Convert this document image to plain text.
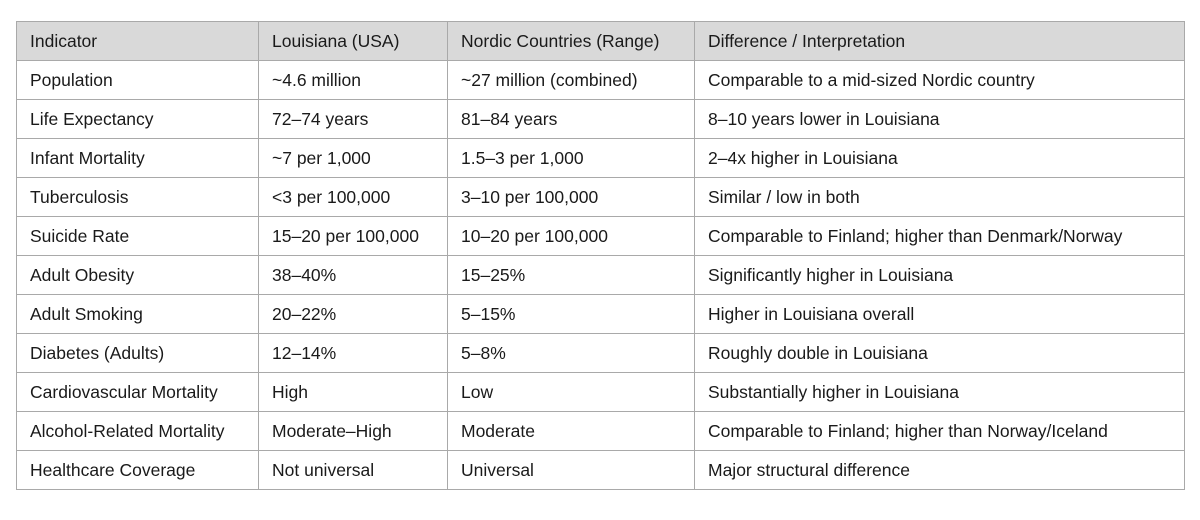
Indicator	Louisiana (USA)	Nordic Countries (Range)	Difference / Interpretation
Population	~4.6 million	~27 million (combined)	Comparable to a mid-sized Nordic country
Life Expectancy	72–74 years	81–84 years	8–10 years lower in Louisiana
Infant Mortality	~7 per 1,000	1.5–3 per 1,000	2–4x higher in Louisiana
Tuberculosis	<3 per 100,000	3–10 per 100,000	Similar / low in both
Suicide Rate	15–20 per 100,000	10–20 per 100,000	Comparable to Finland; higher than Denmark/Norway
Adult Obesity	38–40%	15–25%	Significantly higher in Louisiana
Adult Smoking	20–22%	5–15%	Higher in Louisiana overall
Diabetes (Adults)	12–14%	5–8%	Roughly double in Louisiana
Cardiovascular Mortality	High	Low	Substantially higher in Louisiana
Alcohol-Related Mortality	Moderate–High	Moderate	Comparable to Finland; higher than Norway/Iceland
Healthcare Coverage	Not universal	Universal	Major structural difference
